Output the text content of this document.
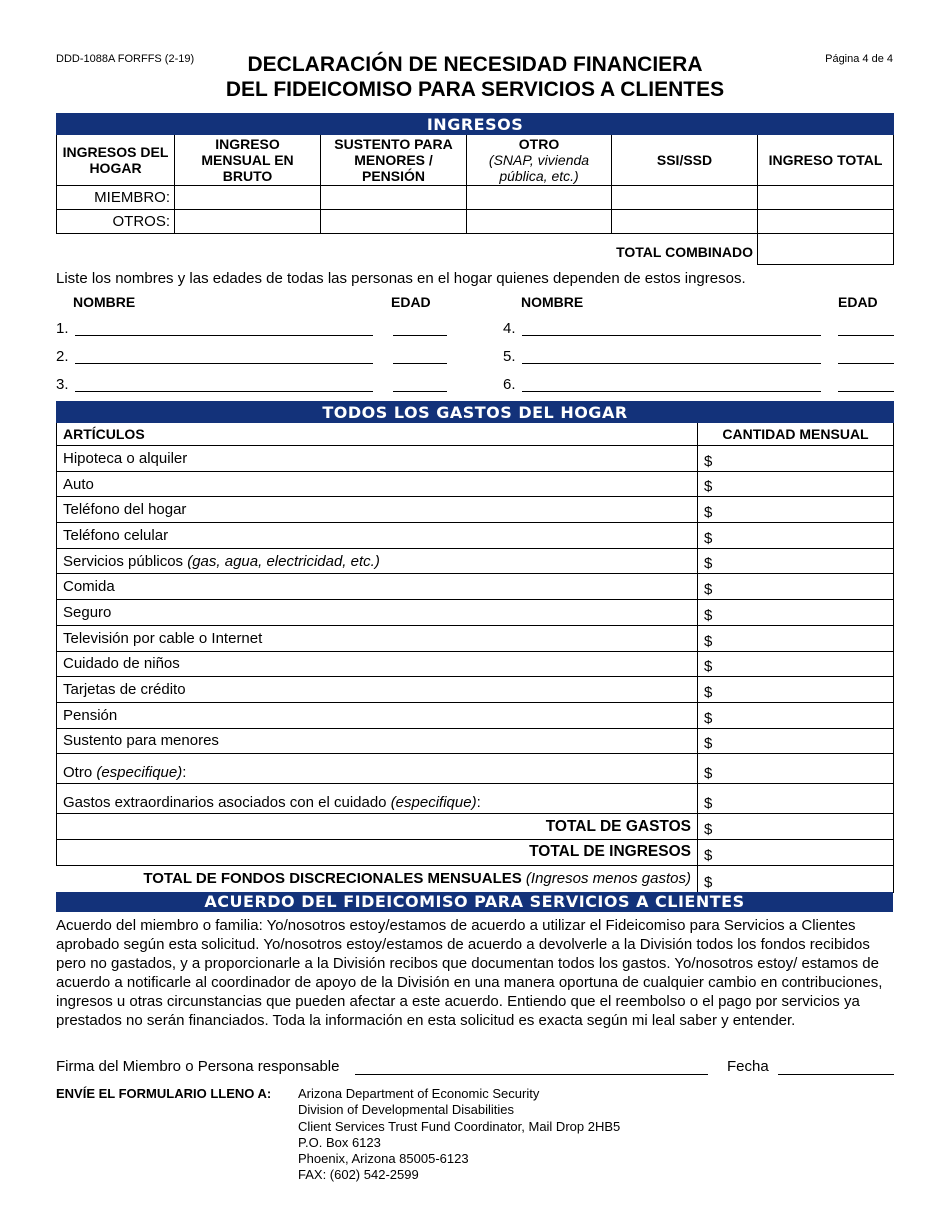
DDD-1088A FORFFS (2-19)	Página 4 de 4
DECLARACIÓN DE NECESIDAD FINANCIERA
DEL FIDEICOMISO PARA SERVICIOS A CLIENTES
INGRESOS					

INGRESOS DEL HOGAR	INGRESO MENSUAL EN BRUTO	SUSTENTO PARA MENORES / PENSIÓN	OTRO
(SNAP, vivienda pública, etc.)	SSI/SSD	INGRESO TOTAL

MIEMBRO:					
OTROS:					
TOTAL COMBINADO					
Liste los nombres y las edades de todas las personas en el hogar quienes dependen de estos ingresos.
NOMBRE	EDAD	NOMBRE	EDAD
1.
2.
3.
4.
5.
6.
TODOS LOS GASTOS DEL HOGAR	
ARTÍCULOS	CANTIDAD MENSUAL
Hipoteca o alquiler	$
Auto	$
Teléfono del hogar	$
Teléfono celular	$
Servicios públicos (gas, agua, electricidad, etc.)	$
Comida	$
Seguro	$
Televisión por cable o Internet	$
Cuidado de niños	$
Tarjetas de crédito	$
Pensión	$
Sustento para menores	$
Otro (especifique):	$
Gastos extraordinarios asociados con el cuidado (especifique):	$
TOTAL DE GASTOS	$
TOTAL DE INGRESOS	$
TOTAL DE FONDOS DISCRECIONALES MENSUALES (Ingresos menos gastos)	$
ACUERDO DEL FIDEICOMISO PARA SERVICIOS A CLIENTES
Acuerdo del miembro o familia: Yo/nosotros estoy/estamos de acuerdo a utilizar el Fideicomiso para Servicios a Clientes aprobado según esta solicitud. Yo/nosotros estoy/estamos de acuerdo a devolverle a la División todos los fondos recibidos pero no gastados, y a proporcionarle a la División recibos que documentan todos los gastos. Yo/nosotros estoy/ estamos de acuerdo a notificarle al coordinador de apoyo de la División en una manera oportuna de cualquier cambio en contribuciones, ingresos u otras circunstancias que pueden afectar a este acuerdo. Entiendo que el reembolso o el pago por servicios ya prestados no serán financiados. Toda la información en esta solicitud es exacta según mi leal saber y entender.
Firma del Miembro o Persona responsable	Fecha
ENVÍE EL FORMULARIO LLENO A: Arizona Department of Economic Security
Division of Developmental Disabilities
Client Services Trust Fund Coordinator, Mail Drop 2HB5
P.O. Box 6123
Phoenix, Arizona 85005-6123
FAX: (602) 542-2599
